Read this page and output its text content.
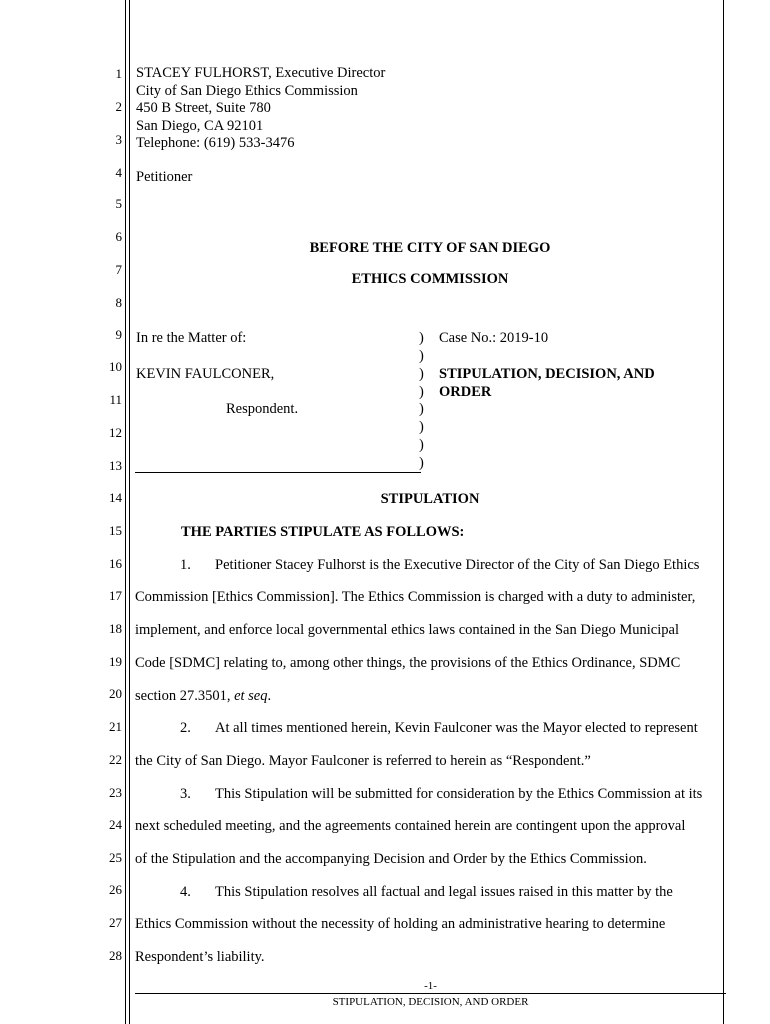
1
2
3
4
5
6
7
8
9
10
11
12
13
14
15
16
17
18
19
20
21
22
23
24
25
26
27
28
STACEY FULHORST, Executive Director
City of San Diego Ethics Commission
450 B Street, Suite 780
San Diego, CA 92101
Telephone: (619) 533-3476
Petitioner
BEFORE THE CITY OF SAN DIEGO
ETHICS COMMISSION
In re the Matter of:
KEVIN FAULCONER,
Respondent.
)
)
)
)
)
)
)
)
Case No.: 2019-10
STIPULATION, DECISION, AND
ORDER
STIPULATION
THE PARTIES STIPULATE AS FOLLOWS:
1. Petitioner Stacey Fulhorst is the Executive Director of the City of San Diego Ethics
Commission [Ethics Commission]. The Ethics Commission is charged with a duty to administer,
implement, and enforce local governmental ethics laws contained in the San Diego Municipal
Code [SDMC] relating to, among other things, the provisions of the Ethics Ordinance, SDMC
section 27.3501, et seq.
2. At all times mentioned herein, Kevin Faulconer was the Mayor elected to represent
the City of San Diego. Mayor Faulconer is referred to herein as “Respondent.”
3. This Stipulation will be submitted for consideration by the Ethics Commission at its
next scheduled meeting, and the agreements contained herein are contingent upon the approval
of the Stipulation and the accompanying Decision and Order by the Ethics Commission.
4. This Stipulation resolves all factual and legal issues raised in this matter by the
Ethics Commission without the necessity of holding an administrative hearing to determine
Respondent’s liability.
-1-
STIPULATION, DECISION, AND ORDER
